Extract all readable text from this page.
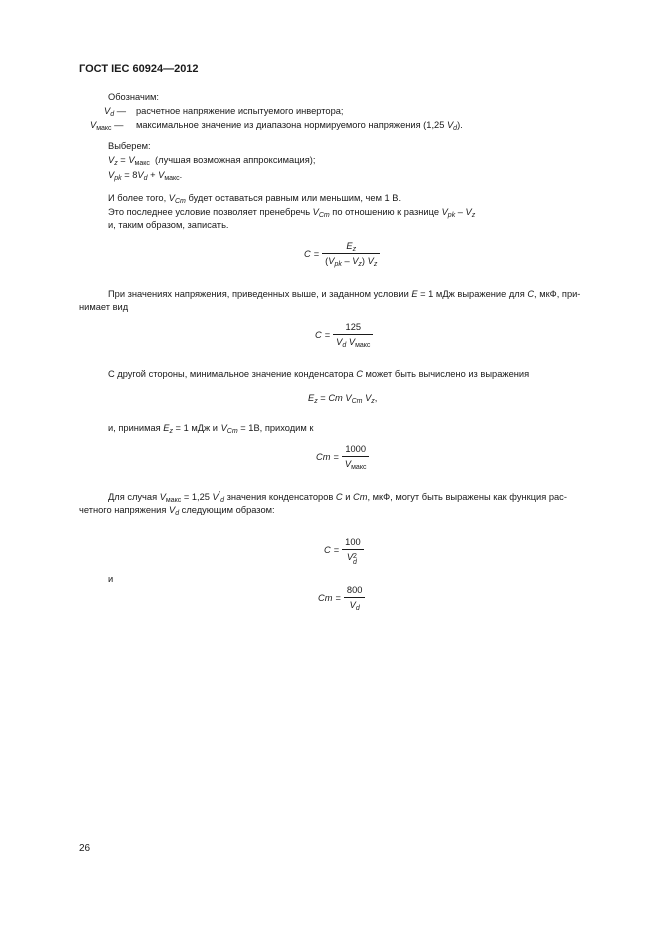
ГОСТ IEC 60924—2012
Обозначим:
$V_d$ — расчетное напряжение испытуемого инвертора;
$V_{макс}$ — максимальное значение из диапазона нормируемого напряжения (1,25 $V_d$).
Выберем:
$V_z = V_{макс}$ (лучшая возможная аппроксимация);
$V_{pk} = 8V_d + V_{макс}$.
И более того, $V_{Cm}$ будет оставаться равным или меньшим, чем 1 В.
Это последнее условие позволяет пренебречь $V_{Cm}$ по отношению к разнице $V_{pk} - V_z$
и, таким образом, записать.
$C = \frac{E_z}{(V_{pk} - V_z) V_z}$
При значениях напряжения, приведенных выше, и заданном условии E = 1 мДж выражение для C, мкФ, при-
нимает вид
$C = \frac{125}{V_d V_{макс}}$
С другой стороны, минимальное значение конденсатора C может быть вычислено из выражения
$E_z = Cm$ $V_{Cm}$ $V_z$,
и, принимая $E_z = 1$ мДж и $V_{Cm} = 1В$, приходим к
$Cm = \frac{1000}{V_{макс}}$
Для случая $V_{макс} = 1,25$ $V'_d$ значения конденсаторов C и Cm, мкФ, могут быть выражены как функция рас-
четного напряжения $V_d$ следующим образом:
C = 100
V 2
d
и
$Cm = \frac{800}{V_d}$
26
